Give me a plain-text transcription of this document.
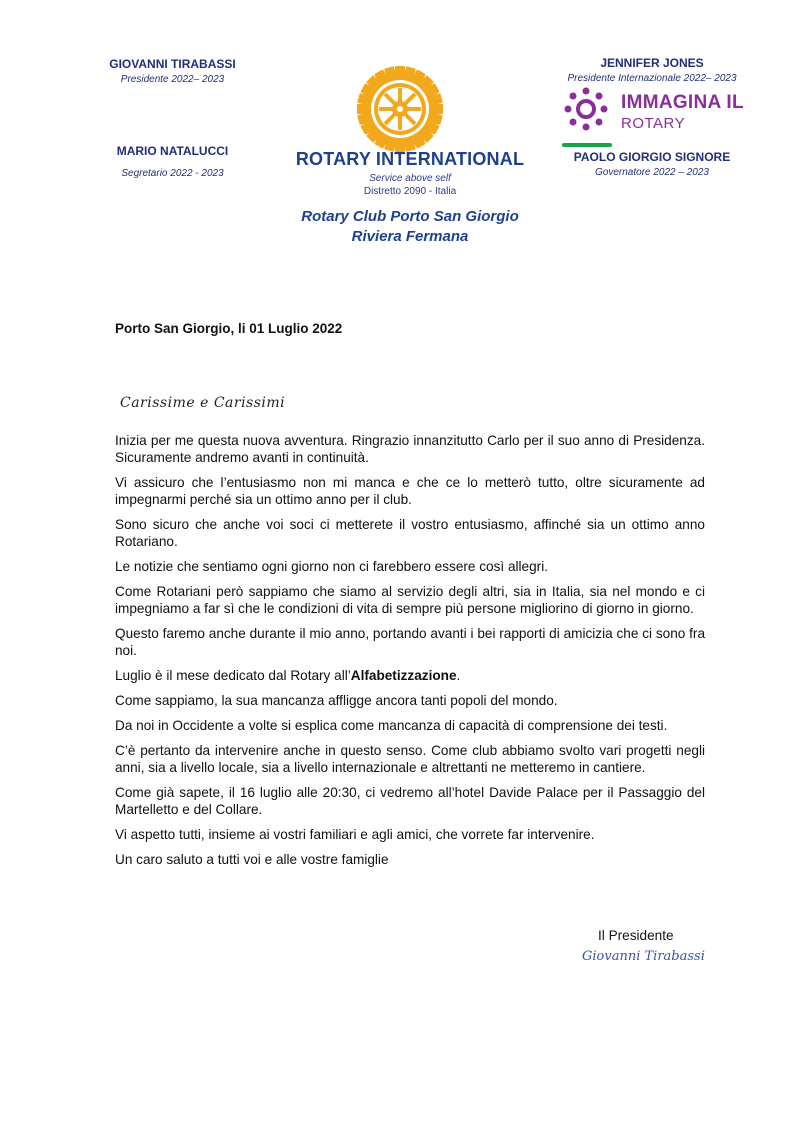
GIOVANNI TIRABASSI
Presidente 2022– 2023
MARIO NATALUCCI
Segretario 2022 - 2023
ROTARY INTERNATIONAL
Service above self
Distretto 2090 - Italia
Rotary Club Porto San Giorgio
Riviera Fermana
JENNIFER JONES
Presidente Internazionale 2022– 2023
IMMAGINA IL
ROTARY
PAOLO GIORGIO SIGNORE
Governatore 2022 – 2023
Porto San Giorgio, li 01 Luglio 2022
Carissime e Carissimi

Inizia per me questa nuova avventura. Ringrazio innanzitutto Carlo per il suo anno di Presidenza. Sicuramente andremo avanti in continuità.

Vi assicuro che l’entusiasmo non mi manca e che ce lo metterò tutto, oltre sicuramente ad impegnarmi perché sia un ottimo anno per il club.

Sono sicuro che anche voi soci ci metterete il vostro entusiasmo, affinché sia un ottimo anno Rotariano.

Le notizie che sentiamo ogni giorno non ci farebbero essere così allegri.

Come Rotariani però sappiamo che siamo al servizio degli altri, sia in Italia, sia nel mondo e ci impegniamo a far sì che le condizioni di vita di sempre più persone migliorino di giorno in giorno.

Questo faremo anche durante il mio anno, portando avanti i bei rapporti di amicizia che ci sono fra noi.

Luglio è il mese dedicato dal Rotary all’Alfabetizzazione.

Come sappiamo, la sua mancanza affligge ancora tanti popoli del mondo.

Da noi in Occidente a volte si esplica come mancanza di capacità di comprensione dei testi.

C’è pertanto da intervenire anche in questo senso. Come club abbiamo svolto vari progetti negli anni, sia a livello locale, sia a livello internazionale e altrettanti ne metteremo in cantiere.

Come già sapete, il 16 luglio alle 20:30, ci vedremo all’hotel Davide Palace per il Passaggio del Martelletto e del Collare.

Vi aspetto tutti, insieme ai vostri familiari e agli amici, che vorrete far intervenire.

Un caro saluto a tutti voi e alle vostre famiglie

Il Presidente
Giovanni Tirabassi
